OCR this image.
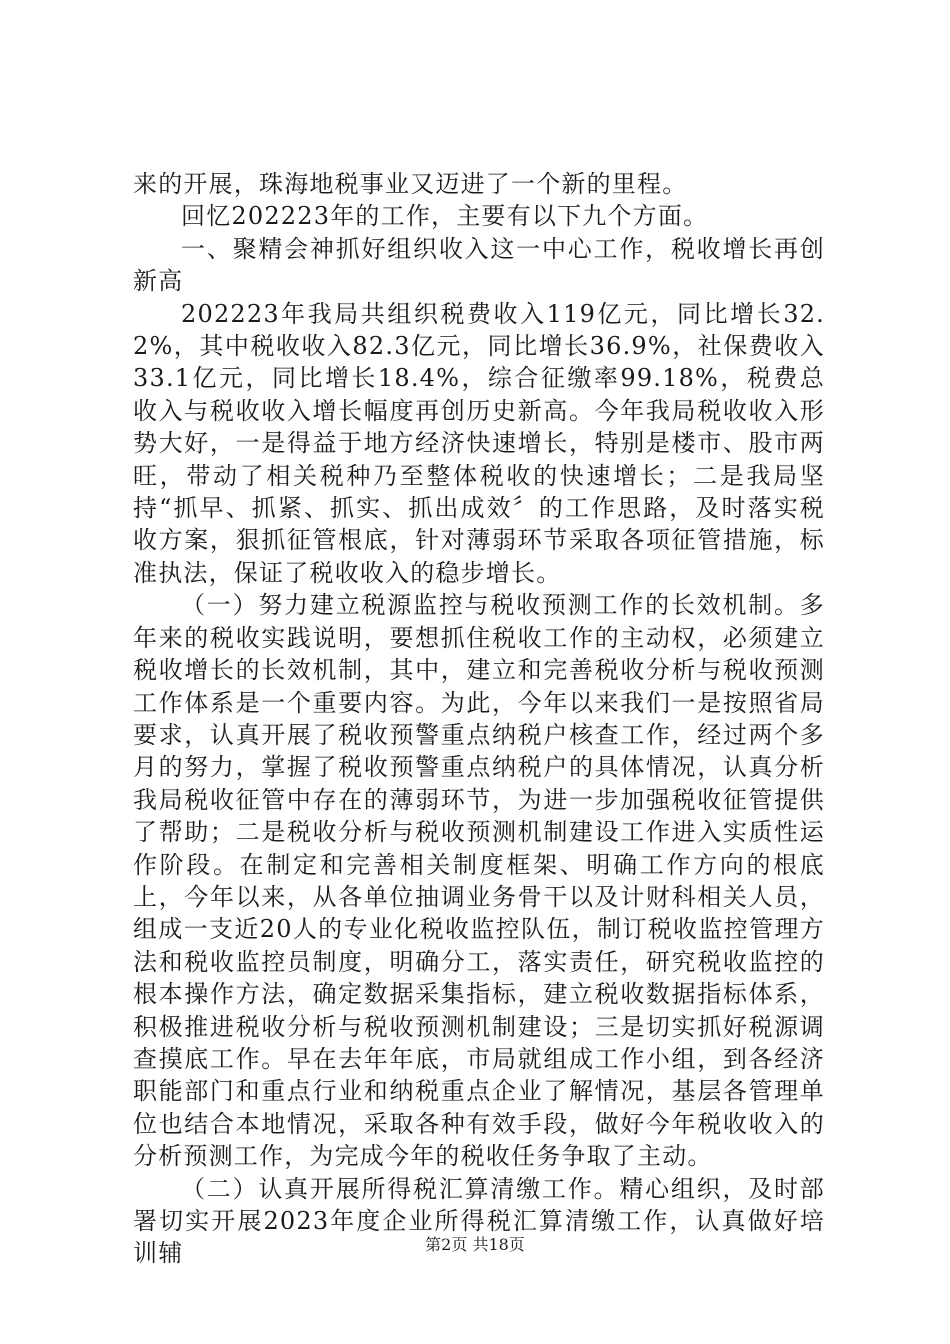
来的开展，珠海地税事业又迈进了一个新的里程。

回忆202223年的工作，主要有以下九个方面。

一、聚精会神抓好组织收入这一中心工作，税收增长再创新高

202223年我局共组织税费收入119亿元，同比增长32.2%，其中税收收入82.3亿元，同比增长36.9%，社保费收入33.1亿元，同比增长18.4%，综合征缴率99.18%，税费总收入与税收收入增长幅度再创历史新高。今年我局税收收入形势大好，一是得益于地方经济快速增长，特别是楼市、股市两旺，带动了相关税种乃至整体税收的快速增长；二是我局坚持“抓早、抓紧、抓实、抓出成效〞的工作思路，及时落实税收方案，狠抓征管根底，针对薄弱环节采取各项征管措施，标准执法，保证了税收收入的稳步增长。

（一）努力建立税源监控与税收预测工作的长效机制。多年来的税收实践说明，要想抓住税收工作的主动权，必须建立税收增长的长效机制，其中，建立和完善税收分析与税收预测工作体系是一个重要内容。为此，今年以来我们一是按照省局要求，认真开展了税收预警重点纳税户核查工作，经过两个多月的努力，掌握了税收预警重点纳税户的具体情况，认真分析我局税收征管中存在的薄弱环节，为进一步加强税收征管提供了帮助；二是税收分析与税收预测机制建设工作进入实质性运作阶段。在制定和完善相关制度框架、明确工作方向的根底上，今年以来，从各单位抽调业务骨干以及计财科相关人员，组成一支近20人的专业化税收监控队伍，制订税收监控管理方法和税收监控员制度，明确分工，落实责任，研究税收监控的根本操作方法，确定数据采集指标，建立税收数据指标体系，积极推进税收分析与税收预测机制建设；三是切实抓好税源调查摸底工作。早在去年年底，市局就组成工作小组，到各经济职能部门和重点行业和纳税重点企业了解情况，基层各管理单位也结合本地情况，采取各种有效手段，做好今年税收收入的分析预测工作，为完成今年的税收任务争取了主动。

（二）认真开展所得税汇算清缴工作。精心组织，及时部署切实开展2023年度企业所得税汇算清缴工作，认真做好培训辅	第2页 共18页
